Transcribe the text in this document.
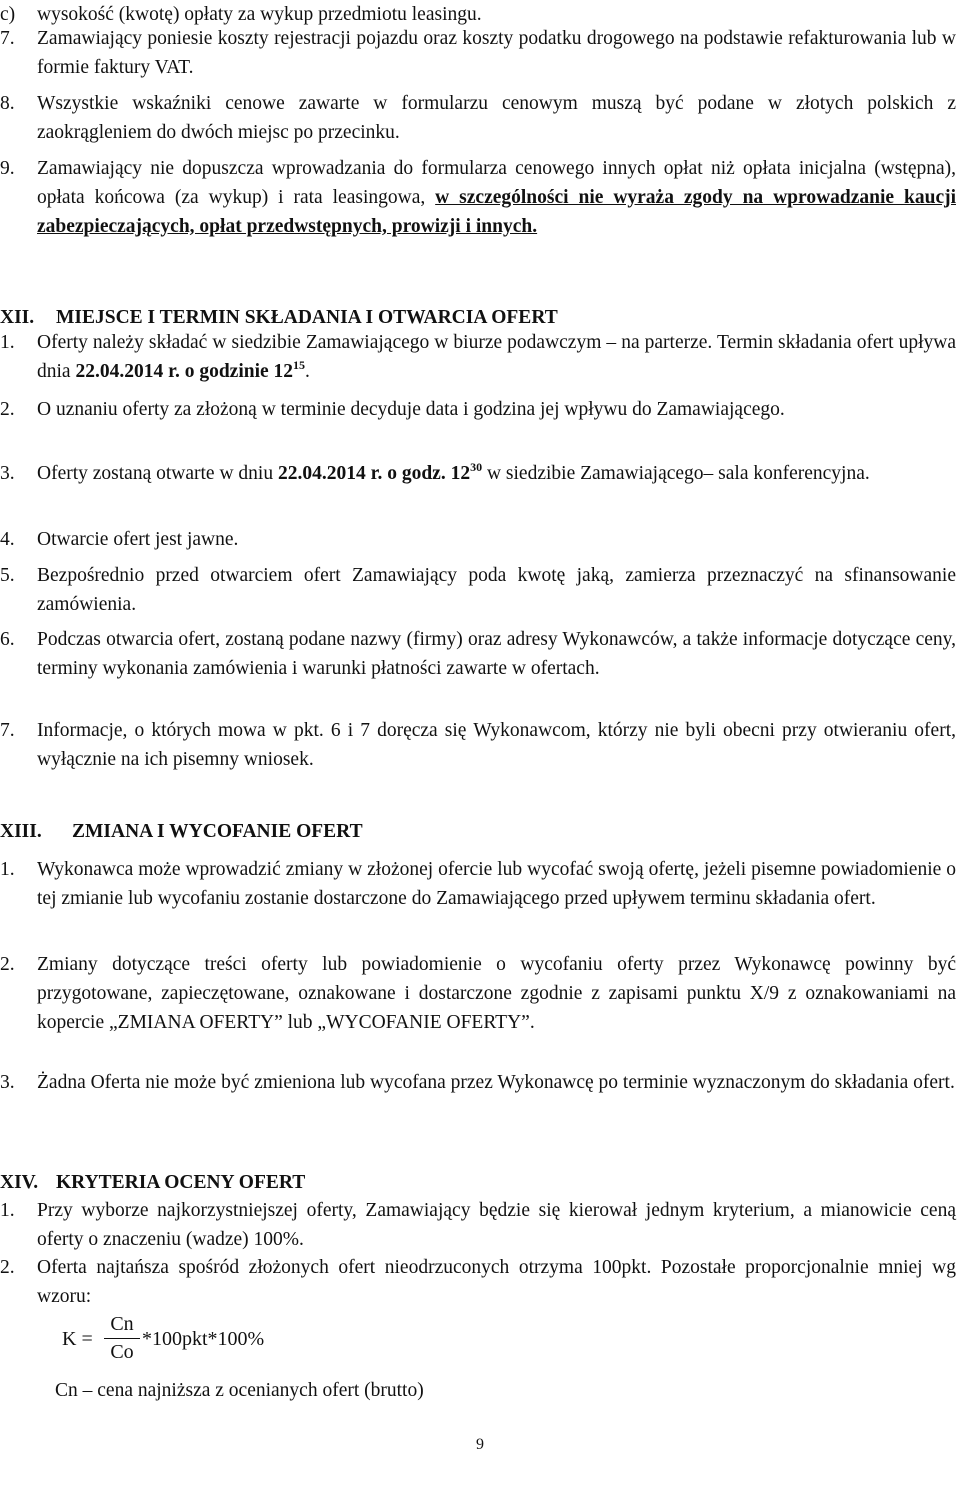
c)	wysokość (kwotę) opłaty za wykup przedmiotu leasingu.
7.	Zamawiający poniesie koszty rejestracji pojazdu oraz koszty podatku drogowego na podstawie refakturowania lub w formie faktury VAT.
8.	Wszystkie wskaźniki cenowe zawarte w formularzu cenowym muszą być podane w złotych polskich z zaokrągleniem do dwóch miejsc po przecinku.
9.	Zamawiający nie dopuszcza wprowadzania do formularza cenowego innych opłat niż opłata inicjalna (wstępna), opłata końcowa (za wykup) i rata leasingowa, w szczególności nie wyraża zgody na wprowadzanie kaucji zabezpieczających, opłat przedwstępnych, prowizji i innych.
XII. MIEJSCE I TERMIN SKŁADANIA I OTWARCIA OFERT
1.	Oferty należy składać w siedzibie Zamawiającego w biurze podawczym – na parterze. Termin składania ofert upływa dnia 22.04.2014 r. o godzinie $12^{15}$.
2.	O uznaniu oferty za złożoną w terminie decyduje data i godzina jej wpływu do Zamawiającego.
3.	Oferty zostaną otwarte w dniu 22.04.2014 r. o godz. $12^{30}$ w siedzibie Zamawiającego– sala konferencyjna.
4.	Otwarcie ofert jest jawne.
5.	Bezpośrednio przed otwarciem ofert Zamawiający poda kwotę jaką, zamierza przeznaczyć na sfinansowanie zamówienia.
6.	Podczas otwarcia ofert, zostaną podane nazwy (firmy) oraz adresy Wykonawców, a także informacje dotyczące ceny, terminy wykonania zamówienia i warunki płatności zawarte w ofertach.
7.	Informacje, o których mowa w pkt. 6 i 7 doręcza się Wykonawcom, którzy nie byli obecni przy otwieraniu ofert, wyłącznie na ich pisemny wniosek.
XIII. ZMIANA I WYCOFANIE OFERT
1.	Wykonawca może wprowadzić zmiany w złożonej ofercie lub wycofać swoją ofertę, jeżeli pisemne powiadomienie o tej zmianie lub wycofaniu zostanie dostarczone do Zamawiającego przed upływem terminu składania ofert.
2.	Zmiany dotyczące treści oferty lub powiadomienie o wycofaniu oferty przez Wykonawcę powinny być przygotowane, zapieczętowane, oznakowane i dostarczone zgodnie z zapisami punktu X/9 z oznakowaniami na kopercie „ZMIANA OFERTY” lub „WYCOFANIE OFERTY”.
3.	Żadna Oferta nie może być zmieniona lub wycofana przez Wykonawcę po terminie wyznaczonym do składania ofert.
XIV. KRYTERIA OCENY OFERT
1.	Przy wyborze najkorzystniejszej oferty, Zamawiający będzie się kierował jednym kryterium, a mianowicie ceną oferty o znaczeniu (wadze) 100%.
2.	Oferta najtańsza spośród złożonych ofert nieodrzuconych otrzyma 100pkt. Pozostałe proporcjonalnie mniej wg wzoru:
$K = \frac{Cn}{Co} *100pkt*100\%$
Cn – cena najniższa z ocenianych ofert (brutto)
9
